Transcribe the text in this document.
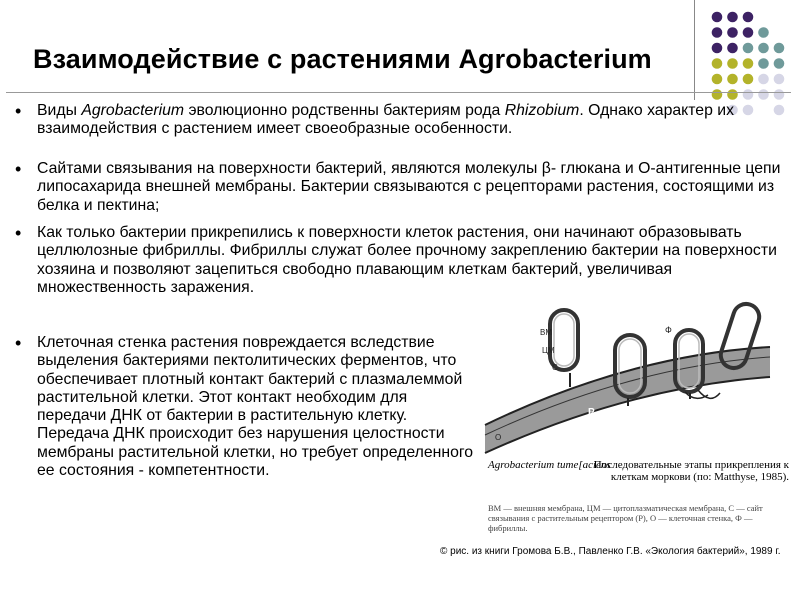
Взаимодействие с растениями Agrobacterium
• Виды Agrobacterium эволюционно родственны бактериям рода Rhizobium. Однако характер их взаимодействия с растением имеет своеобразные особенности.
• Сайтами связывания на поверхности бактерий, являются молекулы β- глюкана и О-антигенные цепи липосахарида внешней мембраны. Бактерии связываются с рецепторами растения, состоящими из белка и пектина;
• Как только бактерии прикрепились к поверхности клеток растения, они начинают образовывать целлюлозные фибриллы. Фибриллы служат более прочному закреплению бактерии на поверхности хозяина и позволяют зацепиться свободно плавающим клеткам бактерий, увеличивая множественность заражения.
• Клеточная стенка растения повреждается вследствие выделения бактериями пектолитических ферментов, что обеспечивает плотный контакт бактерий с плазмалеммой растительной клетки. Этот контакт необходим для передачи ДНК от бактерии в растительную клетку. Передача ДНК происходит без нарушения целостности мембраны растительной клетки, но требует определенного ее состояния - компетентности.
ВМ
ЦМ
С
Ф
Р
О
Agrobacterium tume[aciens
Последовательные этапы прикрепления к клеткам моркови (по: Matthyse, 1985).
ВМ — внешняя мембрана, ЦМ — цитоплазматическая мембрана, С — сайт связывания с растительным рецептором (Р), О — клеточная стенка, Ф — фибриллы.
© рис. из книги Громова Б.В., Павленко Г.В. «Экология бактерий», 1989 г.
